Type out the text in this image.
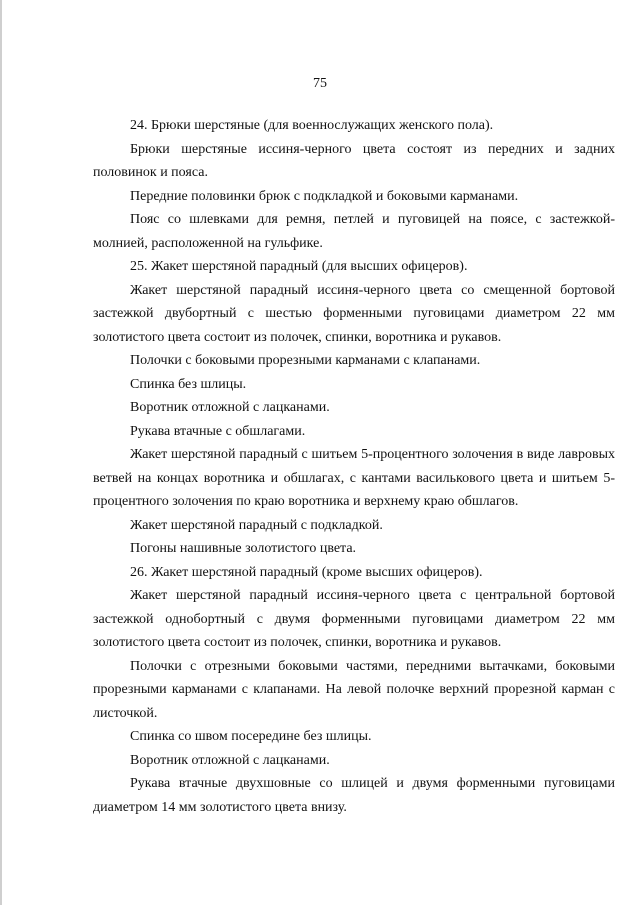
75

24. Брюки шерстяные (для военнослужащих женского пола).

Брюки шерстяные иссиня-черного цвета состоят из передних и задних половинок и пояса.

Передние половинки брюк с подкладкой и боковыми карманами.

Пояс со шлевками для ремня, петлей и пуговицей на поясе, с застежкой-молнией, расположенной на гульфике.

25. Жакет шерстяной парадный (для высших офицеров).

Жакет шерстяной парадный иссиня-черного цвета со смещенной бортовой застежкой двубортный с шестью форменными пуговицами диаметром 22 мм золотистого цвета состоит из полочек, спинки, воротника и рукавов.

Полочки с боковыми прорезными карманами с клапанами.

Спинка без шлицы.

Воротник отложной с лацканами.

Рукава втачные с обшлагами.

Жакет шерстяной парадный с шитьем 5-процентного золочения в виде лавровых ветвей на концах воротника и обшлагах, с кантами василькового цвета и шитьем 5-процентного золочения по краю воротника и верхнему краю обшлагов.

Жакет шерстяной парадный с подкладкой.

Погоны нашивные золотистого цвета.

26. Жакет шерстяной парадный (кроме высших офицеров).

Жакет шерстяной парадный иссиня-черного цвета с центральной бортовой застежкой однобортный с двумя форменными пуговицами диаметром 22 мм золотистого цвета состоит из полочек, спинки, воротника и рукавов.

Полочки с отрезными боковыми частями, передними вытачками, боковыми прорезными карманами с клапанами. На левой полочке верхний прорезной карман с листочкой.

Спинка со швом посередине без шлицы.

Воротник отложной с лацканами.

Рукава втачные двухшовные со шлицей и двумя форменными пуговицами диаметром 14 мм золотистого цвета внизу.
